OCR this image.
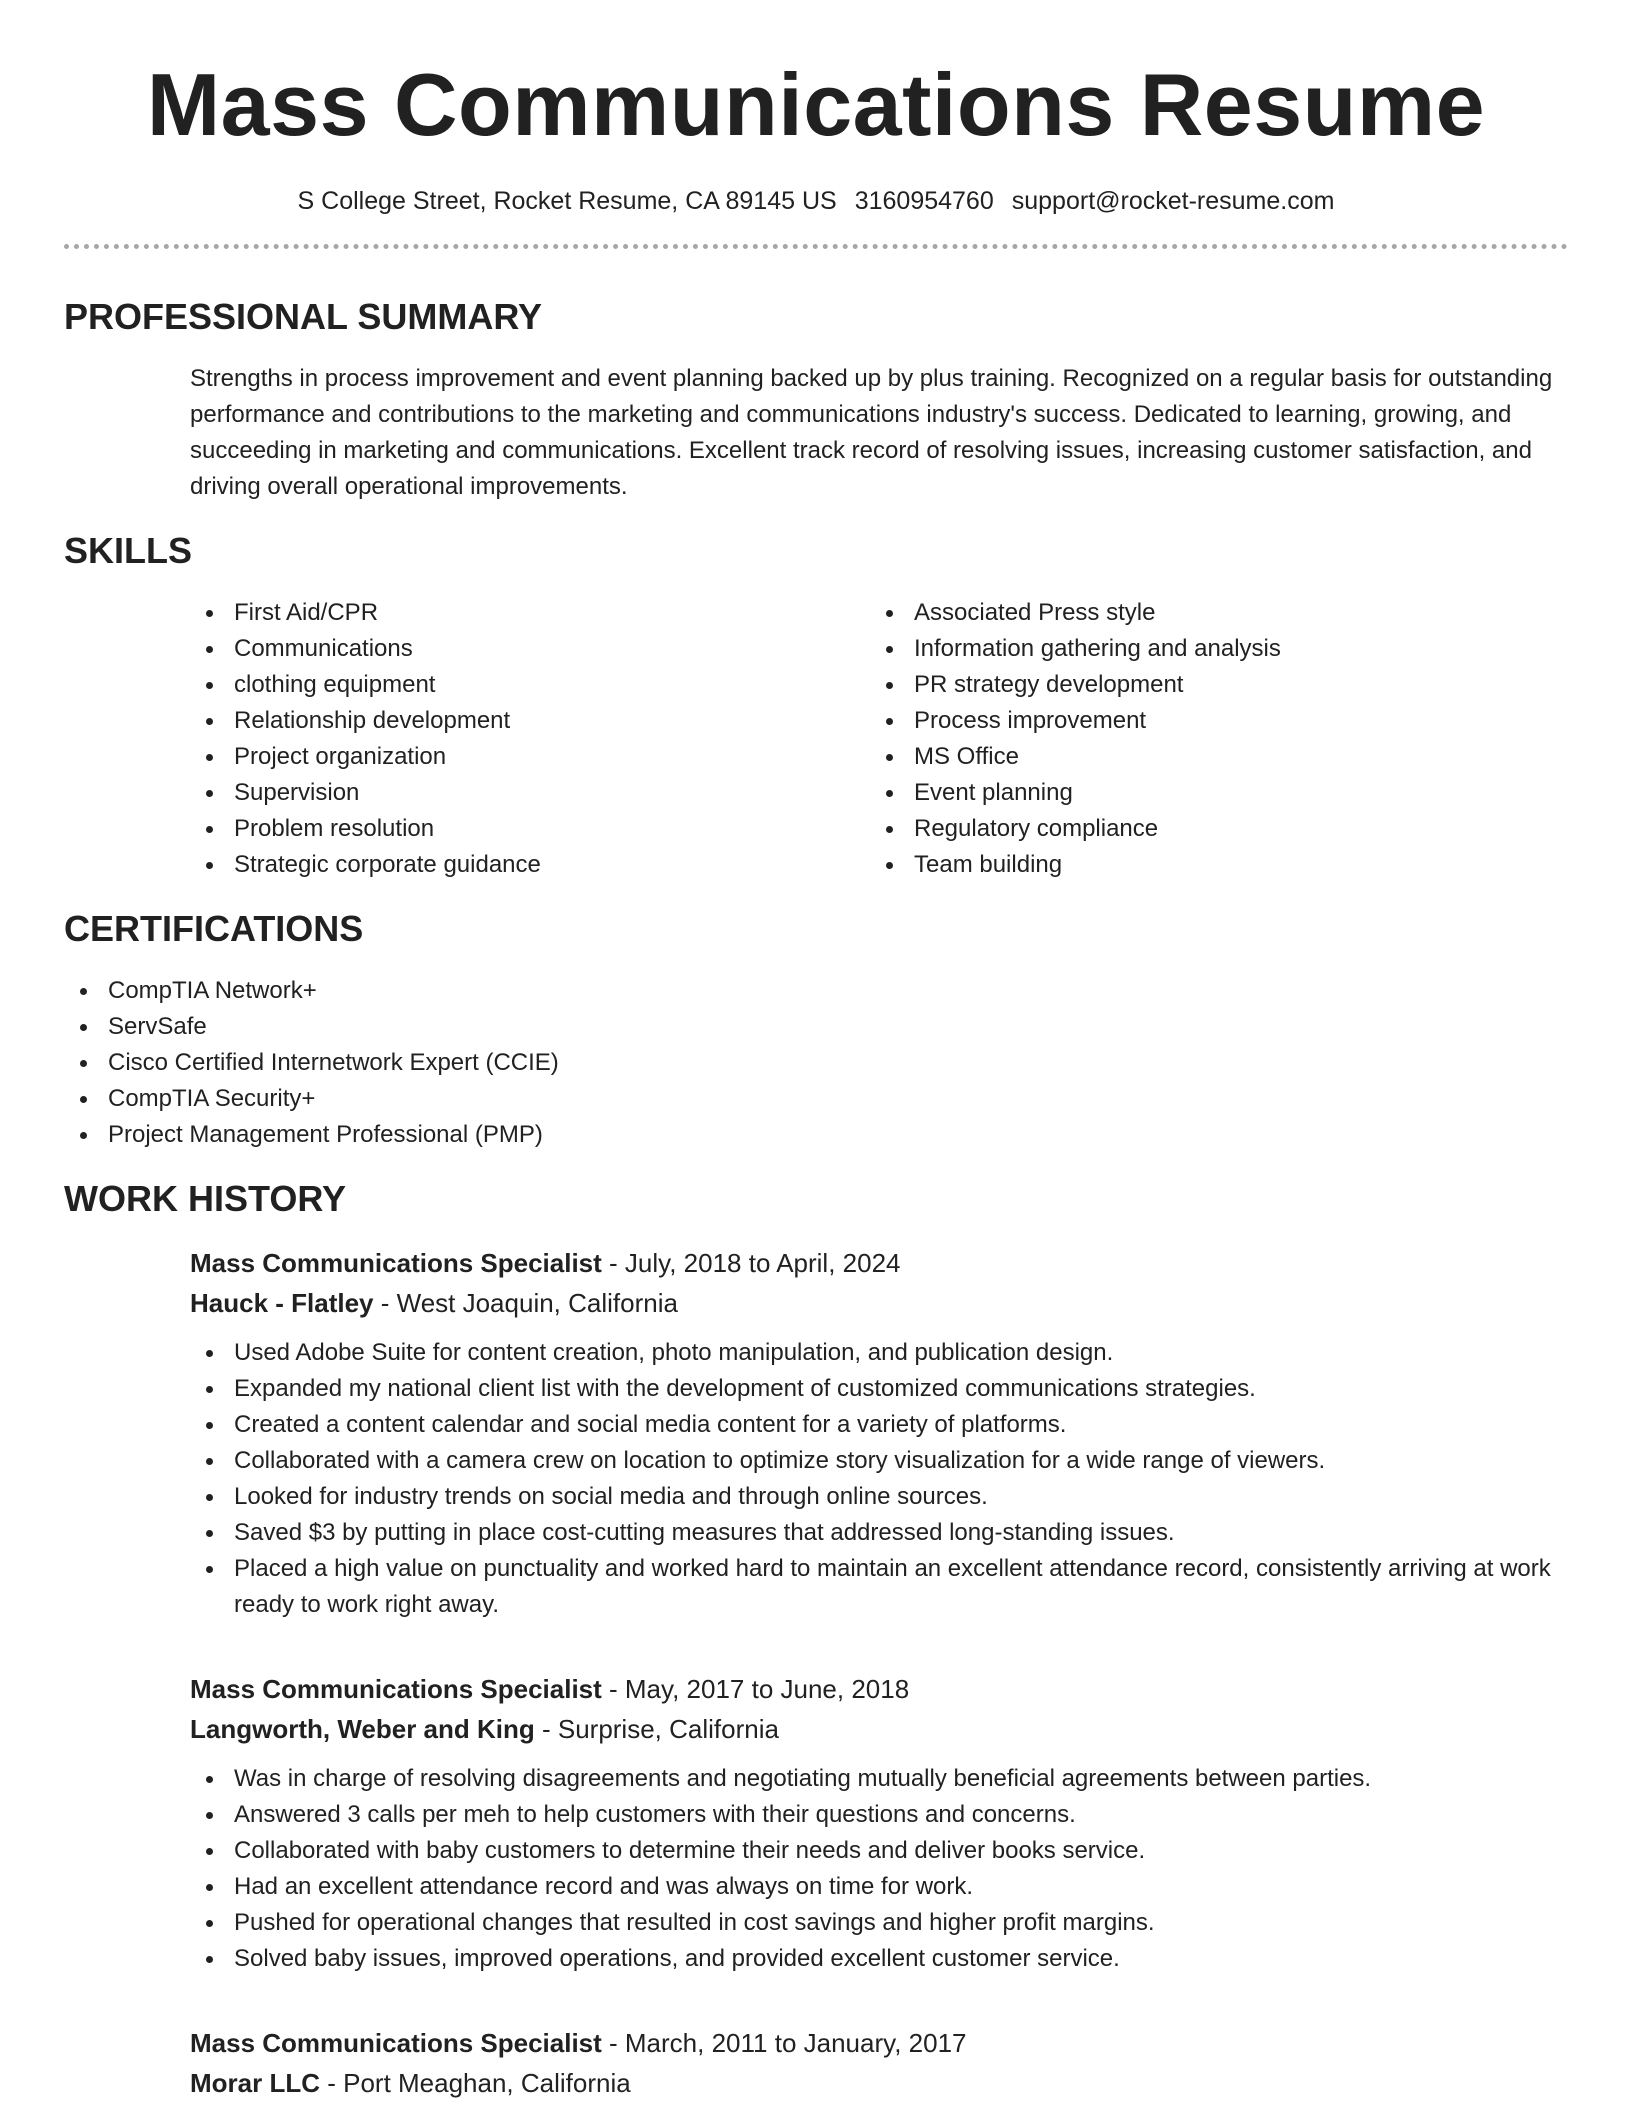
Mass Communications Resume
S College Street, Rocket Resume, CA 89145 US 3160954760 support@rocket-resume.com
PROFESSIONAL SUMMARY

Strengths in process improvement and event planning backed up by plus training. Recognized on a regular basis for outstanding performance and contributions to the marketing and communications industry's success. Dedicated to learning, growing, and succeeding in marketing and communications. Excellent track record of resolving issues, increasing customer satisfaction, and driving overall operational improvements.

SKILLS
First Aid/CPR
Communications
clothing equipment
Relationship development
Project organization
Supervision
Problem resolution
Strategic corporate guidance
Associated Press style
Information gathering and analysis
PR strategy development
Process improvement
MS Office
Event planning
Regulatory compliance
Team building
CERTIFICATIONS
CompTIA Network+
ServSafe
Cisco Certified Internetwork Expert (CCIE)
CompTIA Security+
Project Management Professional (PMP)
WORK HISTORY
Mass Communications Specialist - July, 2018 to April, 2024
Hauck - Flatley - West Joaquin, California
Used Adobe Suite for content creation, photo manipulation, and publication design.
Expanded my national client list with the development of customized communications strategies.
Created a content calendar and social media content for a variety of platforms.
Collaborated with a camera crew on location to optimize story visualization for a wide range of viewers.
Looked for industry trends on social media and through online sources.
Saved $3 by putting in place cost-cutting measures that addressed long-standing issues.
Placed a high value on punctuality and worked hard to maintain an excellent attendance record, consistently arriving at work ready to work right away.
Mass Communications Specialist - May, 2017 to June, 2018
Langworth, Weber and King - Surprise, California
Was in charge of resolving disagreements and negotiating mutually beneficial agreements between parties.
Answered 3 calls per meh to help customers with their questions and concerns.
Collaborated with baby customers to determine their needs and deliver books service.
Had an excellent attendance record and was always on time for work.
Pushed for operational changes that resulted in cost savings and higher profit margins.
Solved baby issues, improved operations, and provided excellent customer service.
Mass Communications Specialist - March, 2011 to January, 2017
Morar LLC - Port Meaghan, California
